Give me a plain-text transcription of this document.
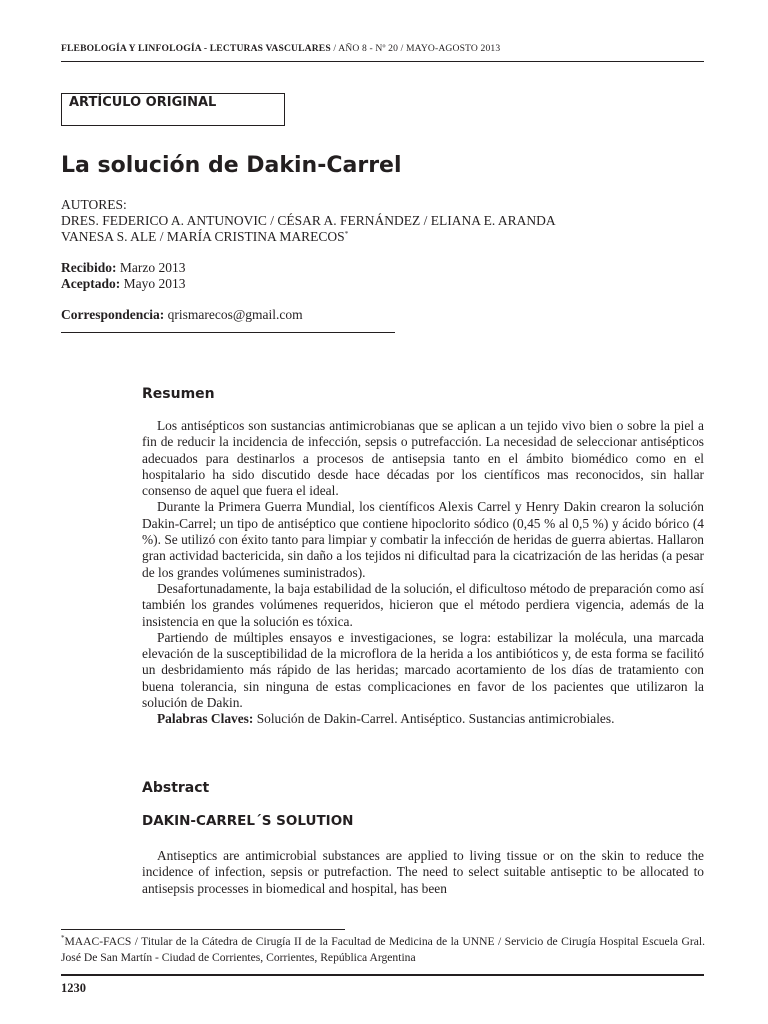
FLEBOLOGÍA Y LINFOLOGÍA - LECTURAS VASCULARES / AÑO 8 - Nº 20 / MAYO-AGOSTO 2013
ARTÍCULO ORIGINAL
La solución de Dakin-Carrel
AUTORES:
DRES. FEDERICO A. ANTUNOVIC / CÉSAR A. FERNÁNDEZ / ELIANA E. ARANDA
VANESA S. ALE / MARÍA CRISTINA MARECOS*
Recibido: Marzo 2013
Aceptado: Mayo 2013
Correspondencia: qrismarecos@gmail.com
Resumen

Los antisépticos son sustancias antimicrobianas que se aplican a un tejido vivo bien o sobre la piel a fin de reducir la incidencia de infección, sepsis o putrefacción. La necesidad de seleccionar antisépticos adecuados para destinarlos a procesos de antisepsia tanto en el ámbito biomédico como en el hospitalario ha sido discutido desde hace décadas por los científicos mas reconocidos, sin hallar consenso de aquel que fuera el ideal.

Durante la Primera Guerra Mundial, los científicos Alexis Carrel y Henry Dakin crearon la solución Dakin-Carrel; un tipo de antiséptico que contiene hipoclorito sódico (0,45 % al 0,5 %) y ácido bórico (4 %). Se utilizó con éxito tanto para limpiar y combatir la infección de heridas de guerra abiertas. Hallaron gran actividad bactericida, sin daño a los tejidos ni dificultad para la cicatrización de las heridas (a pesar de los grandes volúmenes suministrados).

Desafortunadamente, la baja estabilidad de la solución, el dificultoso método de preparación como así también los grandes volúmenes requeridos, hicieron que el método perdiera vigencia, además de la insistencia en que la solución es tóxica.

Partiendo de múltiples ensayos e investigaciones, se logra: estabilizar la molécula, una marcada elevación de la susceptibilidad de la microflora de la herida a los antibióticos y, de esta forma se facilitó un desbridamiento más rápido de las heridas; marcado acortamiento de los días de tratamiento con buena tolerancia, sin ninguna de estas complicaciones en favor de los pacientes que utilizaron la solución de Dakin.

Palabras Claves: Solución de Dakin-Carrel. Antiséptico. Sustancias antimicrobiales.

Abstract
DAKIN-CARREL´S SOLUTION

Antiseptics are antimicrobial substances are applied to living tissue or on the skin to reduce the incidence of infection, sepsis or putrefaction. The need to select suitable antiseptic to be allocated to antisepsis processes in biomedical and hospital, has been

*MAAC-FACS / Titular de la Cátedra de Cirugía II de la Facultad de Medicina de la UNNE / Servicio de Cirugía Hospital Escuela Gral. José De San Martín - Ciudad de Corrientes, Corrientes, República Argentina
1230
